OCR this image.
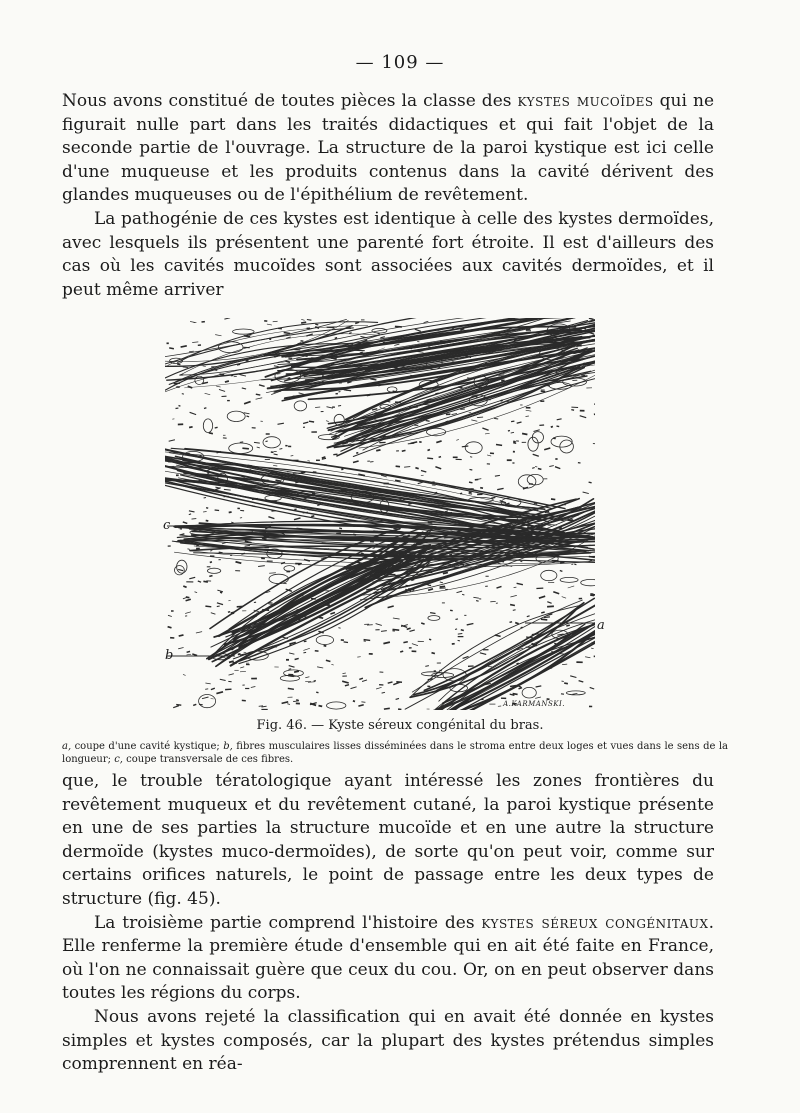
— 109 —

Nous avons constitué de toutes pièces la classe des kystes mucoïdes qui ne figurait nulle part dans les traités didactiques et qui fait l'objet de la seconde partie de l'ouvrage. La structure de la paroi kystique est ici celle d'une muqueuse et les produits contenus dans la cavité dérivent des glandes muqueuses ou de l'épithélium de revêtement.

La pathogénie de ces kystes est identique à celle des kystes dermoïdes, avec lesquels ils présentent une parenté fort étroite. Il est d'ailleurs des cas où les cavités mucoïdes sont associées aux cavités dermoïdes, et il peut même arriver

c
b
a
A.KARMANSKI.
Fig. 46. — Kyste séreux congénital du bras.
a, coupe d'une cavité kystique; b, fibres musculaires lisses disséminées dans le stroma entre deux loges et vues dans le sens de la longueur; c, coupe transversale de ces fibres.

que, le trouble tératologique ayant intéressé les zones frontières du revêtement muqueux et du revêtement cutané, la paroi kystique présente en une de ses parties la structure mucoïde et en une autre la structure dermoïde (kystes muco-dermoïdes), de sorte qu'on peut voir, comme sur certains orifices naturels, le point de passage entre les deux types de structure (fig. 45).

La troisième partie comprend l'histoire des kystes séreux congénitaux. Elle renferme la première étude d'ensemble qui en ait été faite en France, où l'on ne connaissait guère que ceux du cou. Or, on en peut observer dans toutes les régions du corps.

Nous avons rejeté la classification qui en avait été donnée en kystes simples et kystes composés, car la plupart des kystes prétendus simples comprennent en réa-
